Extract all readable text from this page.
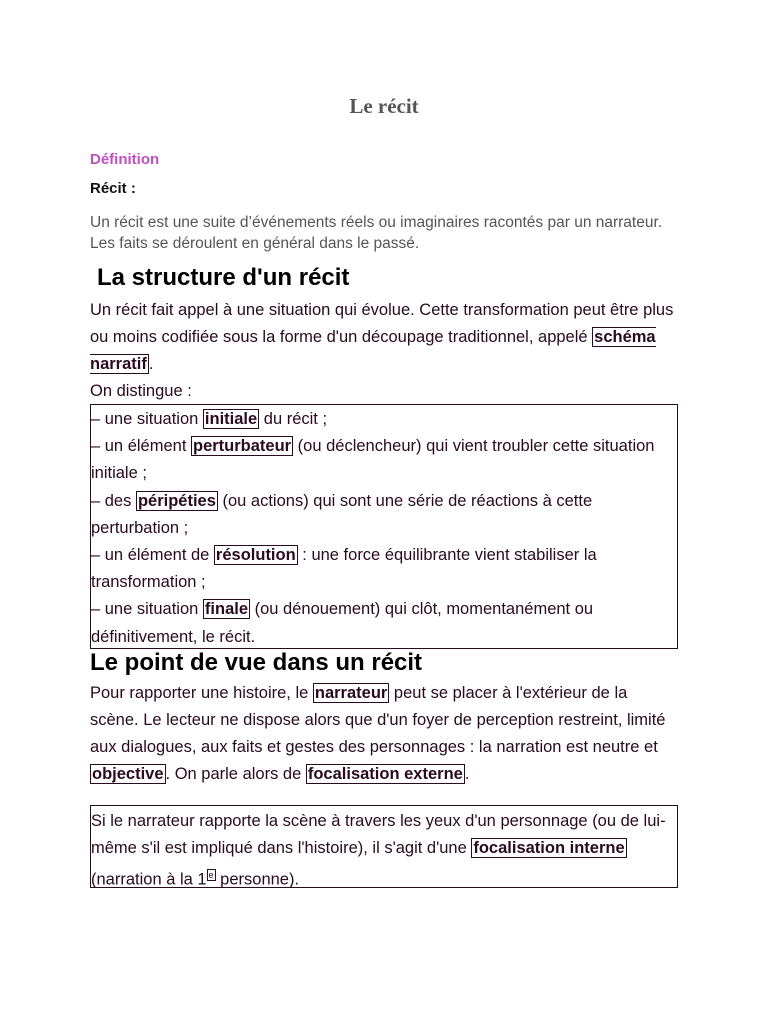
Le récit
Définition
Récit :
Un récit est une suite d’événements réels ou imaginaires racontés par un narrateur. Les faits se déroulent en général dans le passé.
La structure d'un récit
Un récit fait appel à une situation qui évolue. Cette transformation peut être plus ou moins codifiée sous la forme d'un découpage traditionnel, appelé schéma narratif .
On distingue :
– une situation initiale du récit ;
– un élément perturbateur (ou déclencheur) qui vient troubler cette situation initiale ;
– des péripéties (ou actions) qui sont une série de réactions à cette perturbation ;
– un élément de résolution : une force équilibrante vient stabiliser la transformation ;
– une situation finale (ou dénouement) qui clôt, momentanément ou définitivement, le récit.
Le point de vue dans un récit
Pour rapporter une histoire, le narrateur peut se placer à l'extérieur de la scène. Le lecteur ne dispose alors que d'un foyer de perception restreint, limité aux dialogues, aux faits et gestes des personnages : la narration est neutre et objective . On parle alors de focalisation externe .
Si le narrateur rapporte la scène à travers les yeux d'un personnage (ou de lui-même s'il est impliqué dans l'histoire), il s'agit d'une focalisation interne (narration à la 1 $^e$ personne).
